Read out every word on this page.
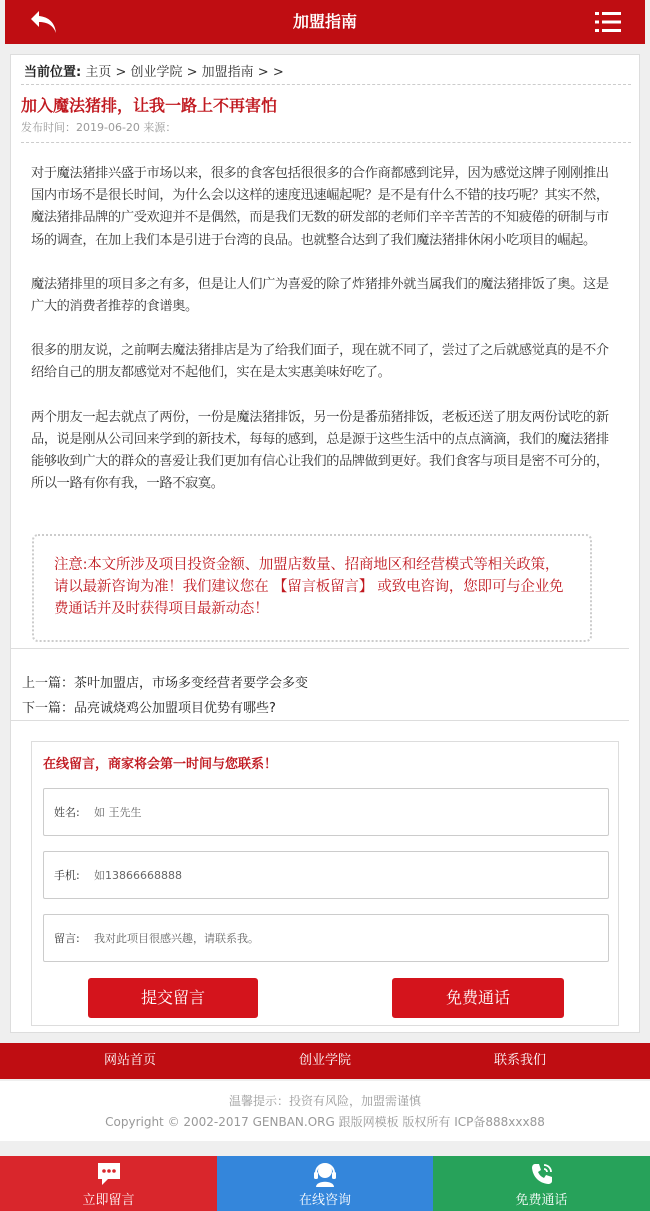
加盟指南
当前位置: 主页 > 创业学院 > 加盟指南 > >
加入魔法猪排，让我一路上不再害怕
发布时间：2019-06-20 来源：

对于魔法猪排兴盛于市场以来，很多的食客包括很很多的合作商都感到诧异，因为感觉这牌子刚刚推出国内市场不是很长时间，为什么会以这样的速度迅速崛起呢？是不是有什么不错的技巧呢？其实不然，魔法猪排品牌的广受欢迎并不是偶然，而是我们无数的研发部的老师们辛辛苦苦的不知疲倦的研制与市场的调查，在加上我们本是引进于台湾的良品。也就整合达到了我们魔法猪排休闲小吃项目的崛起。

魔法猪排里的项目多之有多，但是让人们广为喜爱的除了炸猪排外就当属我们的魔法猪排饭了奥。这是广大的消费者推荐的食谱奥。

很多的朋友说，之前啊去魔法猪排店是为了给我们面子，现在就不同了，尝过了之后就感觉真的是不介绍给自己的朋友都感觉对不起他们，实在是太实惠美味好吃了。

两个朋友一起去就点了两份，一份是魔法猪排饭，另一份是番茄猪排饭，老板还送了朋友两份试吃的新品，说是刚从公司回来学到的新技术，每每的感到，总是源于这些生活中的点点滴滴，我们的魔法猪排能够收到广大的群众的喜爱让我们更加有信心让我们的品牌做到更好。我们食客与项目是密不可分的，所以一路有你有我，一路不寂寞。

注意:本文所涉及项目投资金额、加盟店数量、招商地区和经营模式等相关政策，请以最新咨询为准！我们建议您在 【留言板留言】 或致电咨询，您即可与企业免费通话并及时获得项目最新动态！
上一篇：茶叶加盟店，市场多变经营者要学会多变
下一篇：品亮诚烧鸡公加盟项目优势有哪些?
在线留言，商家将会第一时间与您联系！
姓名: 如 王先生
手机: 如13866668888
留言: 我对此项目很感兴趣，请联系我。
提交留言	免费通话
网站首页	创业学院	联系我们
温馨提示：投资有风险，加盟需谨慎
Copyright © 2002-2017 GENBAN.ORG 跟版网模板 版权所有 ICP备888xxx88
立即留言	在线咨询	免费通话
